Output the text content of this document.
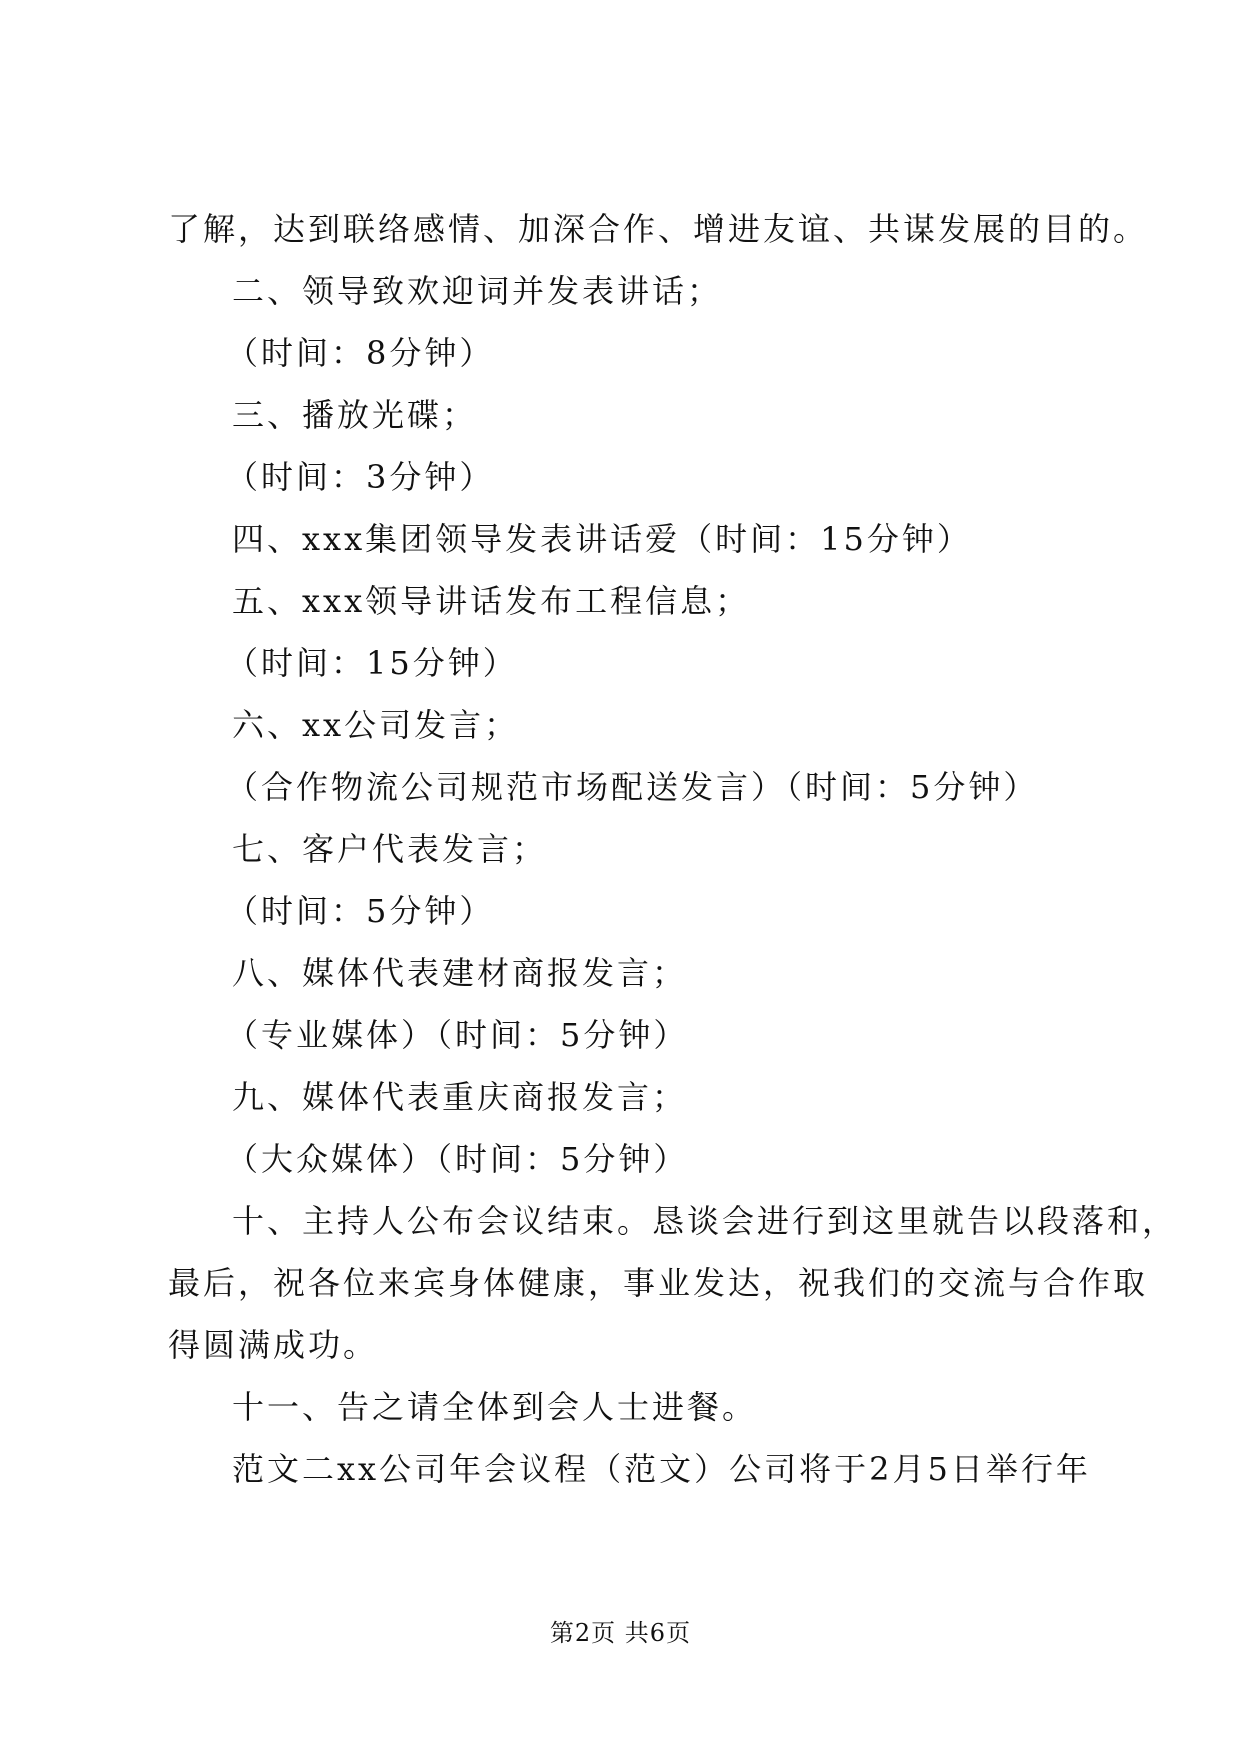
了解，达到联络感情、加深合作、增进友谊、共谋发展的目的。
二、领导致欢迎词并发表讲话；
（时间：8分钟）
三、播放光碟；
（时间：3分钟）
四、xxx集团领导发表讲话爱（时间：15分钟）
五、xxx领导讲话发布工程信息；
（时间：15分钟）
六、xx公司发言；
（合作物流公司规范市场配送发言）（时间：5分钟）
七、客户代表发言；
（时间：5分钟）
八、媒体代表建材商报发言；
（专业媒体）（时间：5分钟）
九、媒体代表重庆商报发言；
（大众媒体）（时间：5分钟）
十、主持人公布会议结束。恳谈会进行到这里就告以段落和，
最后，祝各位来宾身体健康，事业发达，祝我们的交流与合作取
得圆满成功。
十一、告之请全体到会人士进餐。
范文二xx公司年会议程（范文）公司将于2月5日举行年
第2页 共6页
